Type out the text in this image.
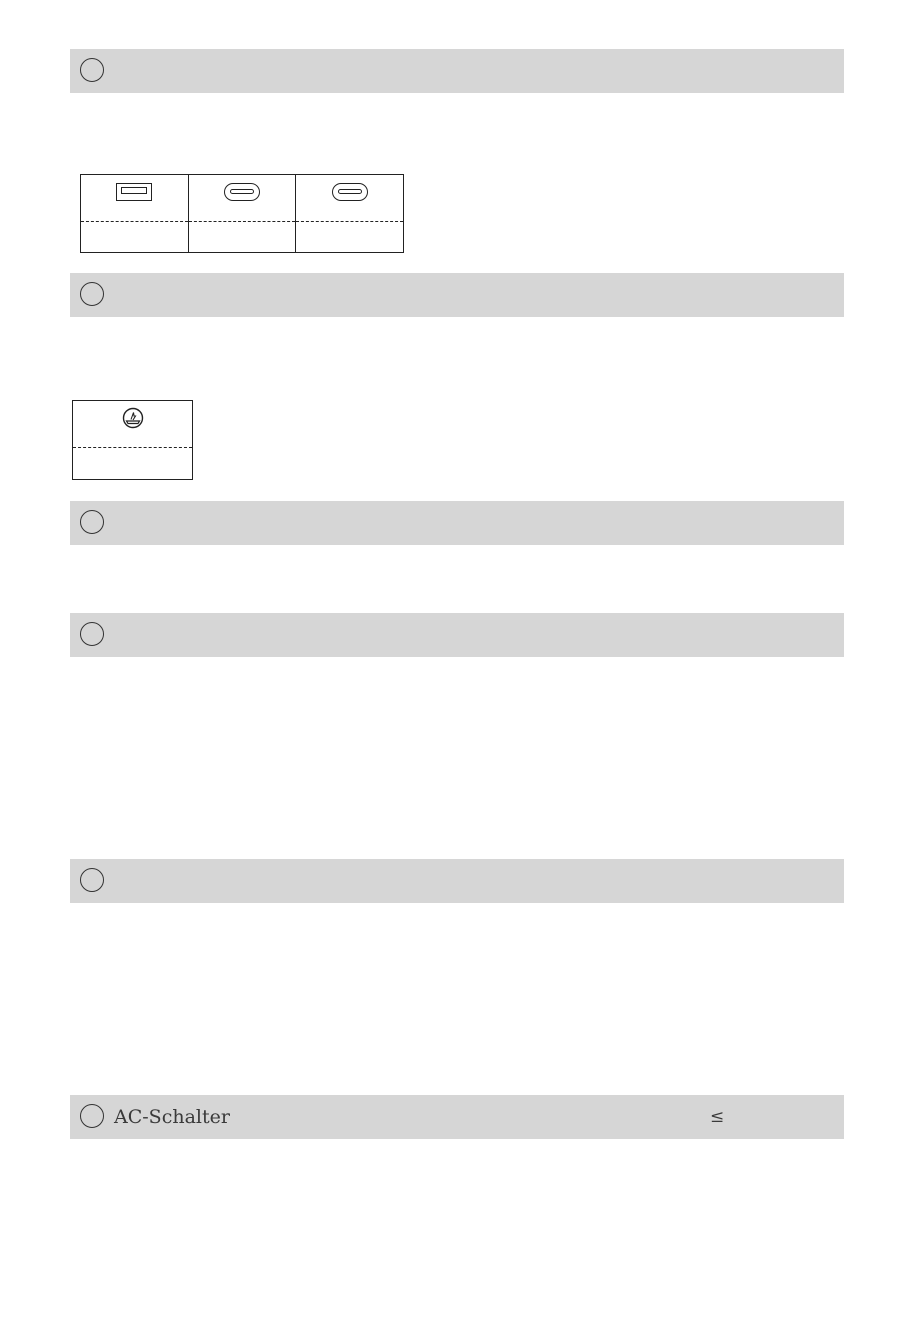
AC-Schalter	≤
